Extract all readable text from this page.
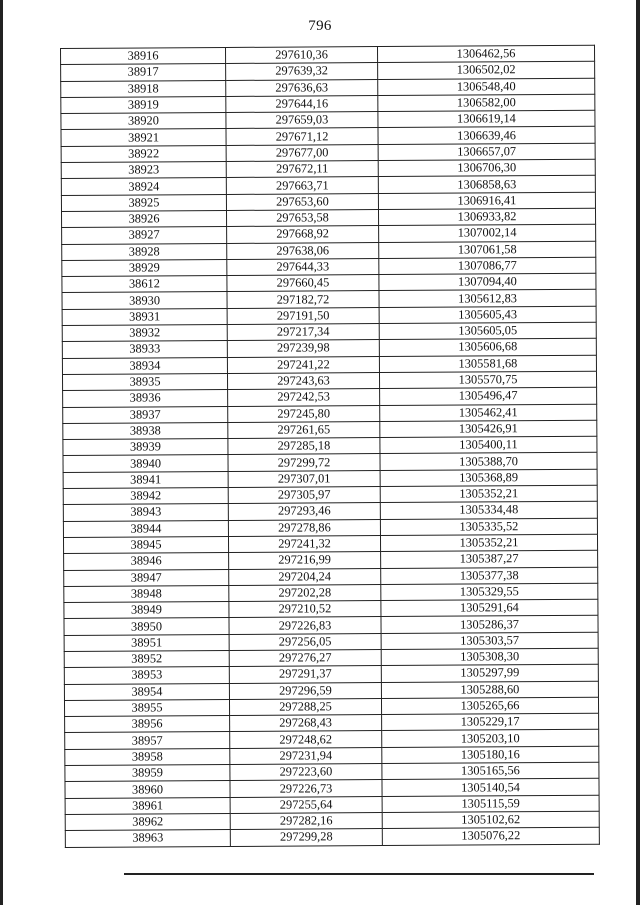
796
38916	297610,36	1306462,56
38917	297639,32	1306502,02
38918	297636,63	1306548,40
38919	297644,16	1306582,00
38920	297659,03	1306619,14
38921	297671,12	1306639,46
38922	297677,00	1306657,07
38923	297672,11	1306706,30
38924	297663,71	1306858,63
38925	297653,60	1306916,41
38926	297653,58	1306933,82
38927	297668,92	1307002,14
38928	297638,06	1307061,58
38929	297644,33	1307086,77
38612	297660,45	1307094,40
38930	297182,72	1305612,83
38931	297191,50	1305605,43
38932	297217,34	1305605,05
38933	297239,98	1305606,68
38934	297241,22	1305581,68
38935	297243,63	1305570,75
38936	297242,53	1305496,47
38937	297245,80	1305462,41
38938	297261,65	1305426,91
38939	297285,18	1305400,11
38940	297299,72	1305388,70
38941	297307,01	1305368,89
38942	297305,97	1305352,21
38943	297293,46	1305334,48
38944	297278,86	1305335,52
38945	297241,32	1305352,21
38946	297216,99	1305387,27
38947	297204,24	1305377,38
38948	297202,28	1305329,55
38949	297210,52	1305291,64
38950	297226,83	1305286,37
38951	297256,05	1305303,57
38952	297276,27	1305308,30
38953	297291,37	1305297,99
38954	297296,59	1305288,60
38955	297288,25	1305265,66
38956	297268,43	1305229,17
38957	297248,62	1305203,10
38958	297231,94	1305180,16
38959	297223,60	1305165,56
38960	297226,73	1305140,54
38961	297255,64	1305115,59
38962	297282,16	1305102,62
38963	297299,28	1305076,22
